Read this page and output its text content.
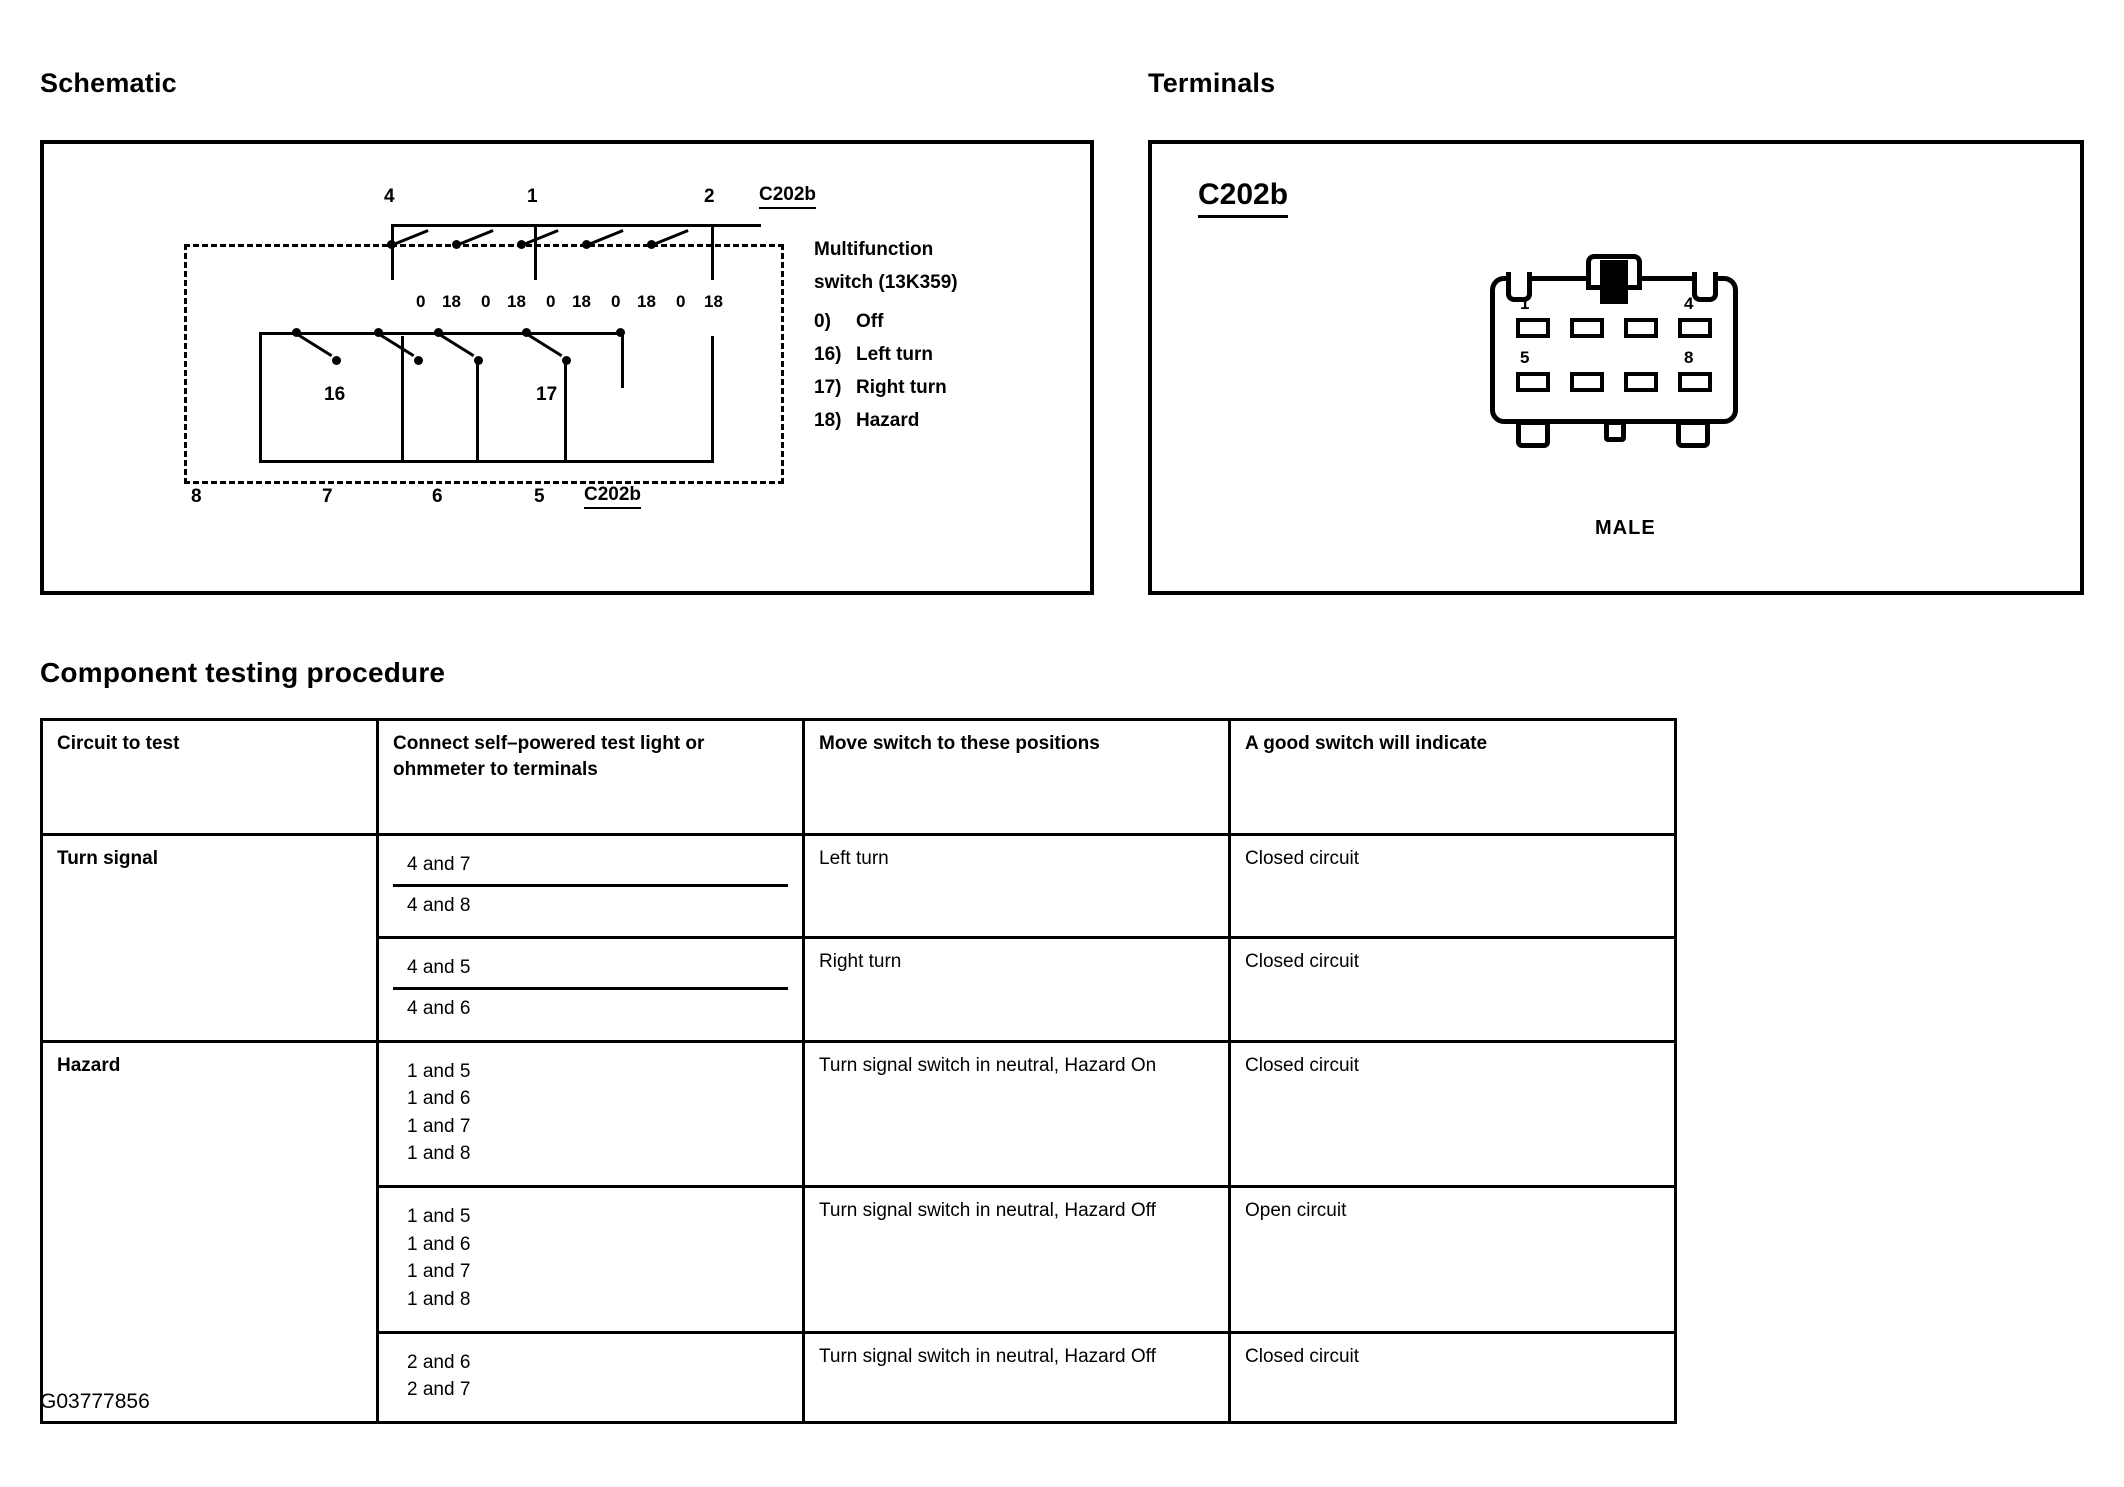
Schematic	Terminals
Component testing procedure
4	1	2 C202b
0 18 0 18 0 18 0 18 0 18
16	17
8	7	6	5 C202b
Multifunction
switch (13K359)
0) Off
16) Left turn
17) Right turn
18) Hazard
C202b
1	4
5	8
MALE
Circuit to test	Connect self–powered test light or ohmmeter to terminals	Move switch to these positions	A good switch will indicate
Turn signal	4 and 7
4 and 8	Left turn	Closed circuit

	4 and 5
4 and 6	Right turn	Closed circuit
Hazard	1 and 5
1 and 6
1 and 7
1 and 8	Turn signal switch in neutral, Hazard On	Closed circuit

	1 and 5
1 and 6
1 and 7
1 and 8	Turn signal switch in neutral, Hazard Off	Open circuit

	2 and 6
2 and 7	Turn signal switch in neutral, Hazard Off	Closed circuit
G03777856
